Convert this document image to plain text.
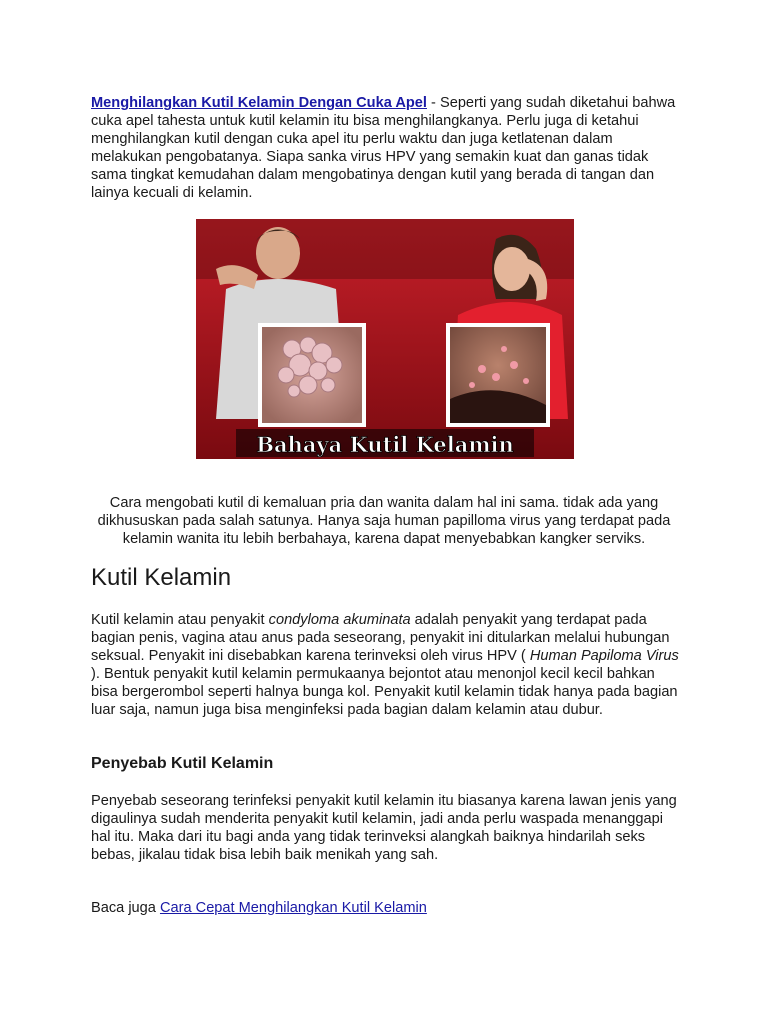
Menghilangkan Kutil Kelamin Dengan Cuka Apel - Seperti yang sudah diketahui bahwa cuka apel tahesta untuk kutil kelamin itu bisa menghilangkanya. Perlu juga di ketahui menghilangkan kutil dengan cuka apel itu perlu waktu dan juga ketlatenan dalam melakukan pengobatanya. Siapa sanka virus HPV yang semakin kuat dan ganas tidak sama tingkat kemudahan dalam mengobatinya dengan kutil yang berada di tangan dan lainya kecuali di kelamin.

Bahaya Kutil Kelamin

Cara mengobati kutil di kemaluan pria dan wanita dalam hal ini sama. tidak ada yang dikhususkan pada salah satunya. Hanya saja human papilloma virus yang terdapat pada kelamin wanita itu lebih berbahaya, karena dapat menyebabkan kangker serviks.

Kutil Kelamin

Kutil kelamin atau penyakit condyloma akuminata adalah penyakit yang terdapat pada bagian penis, vagina atau anus pada seseorang, penyakit ini ditularkan melalui hubungan seksual. Penyakit ini disebabkan karena terinveksi oleh virus HPV ( Human Papiloma Virus ). Bentuk penyakit kutil kelamin permukaanya bejontot atau menonjol kecil kecil bahkan bisa bergerombol seperti halnya bunga kol. Penyakit kutil kelamin tidak hanya pada bagian luar saja, namun juga bisa menginfeksi pada bagian dalam kelamin atau dubur.

Penyebab Kutil Kelamin

Penyebab seseorang terinfeksi penyakit kutil kelamin itu biasanya karena lawan jenis yang digaulinya sudah menderita penyakit kutil kelamin, jadi anda perlu waspada menanggapi hal itu. Maka dari itu bagi anda yang tidak terinveksi alangkah baiknya hindarilah seks bebas, jikalau tidak bisa lebih baik menikah yang sah.

Baca juga Cara Cepat Menghilangkan Kutil Kelamin
